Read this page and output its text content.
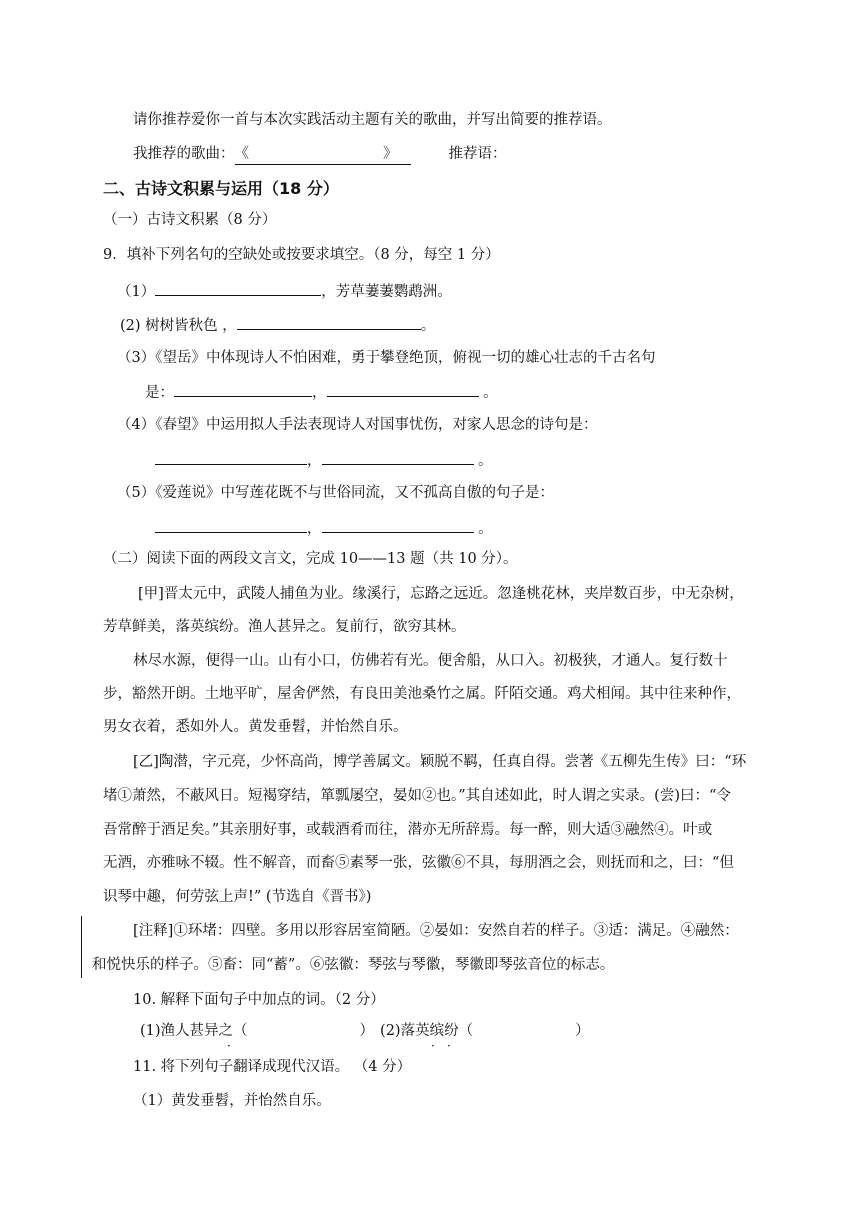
请你推荐爱你一首与本次实践活动主题有关的歌曲，并写出简要的推荐语。
我推荐的歌曲：《	》	推荐语：
二、古诗文积累与运用（18 分）
（一）古诗文积累（8 分）
9．填补下列名句的空缺处或按要求填空。（8 分，每空 1 分）
（1）	，芳草萋萋鹦鹉洲。
(2) 树树皆秋色 ，	。
（3）《望岳》中体现诗人不怕困难，勇于攀登绝顶，俯视一切的雄心壮志的千古名句
是：	，	。
（4）《春望》中运用拟人手法表现诗人对国事忧伤，对家人思念的诗句是：
，	。
（5）《爱莲说》中写莲花既不与世俗同流，又不孤高自傲的句子是：
，	。
（二）阅读下面的两段文言文，完成 10——13 题（共 10 分）。
[甲]晋太元中，武陵人捕鱼为业。缘溪行，忘路之远近。忽逢桃花林，夹岸数百步，中无杂树，
芳草鲜美，落英缤纷。渔人甚异之。复前行，欲穷其林。
林尽水源，便得一山。山有小口，仿佛若有光。便舍船，从口入。初极狭，才通人。复行数十
步，豁然开朗。土地平旷，屋舍俨然，有良田美池桑竹之属。阡陌交通。鸡犬相闻。其中往来种作，
男女衣着，悉如外人。黄发垂髫，并怡然自乐。
[乙]陶潜，字元亮，少怀高尚，博学善属文。颖脱不羁，任真自得。尝著《五柳先生传》曰：“环
堵①萧然，不蔽风日。短褐穿结，箪瓢屡空，晏如②也。”其自述如此，时人谓之实录。(尝)曰：“令
吾常醉于酒足矣。”其亲朋好事，或载酒肴而往，潜亦无所辞焉。每一醉，则大适③融然④。叶或
无酒，亦雅咏不辍。性不解音，而畜⑤素琴一张，弦徽⑥不具，每朋酒之会，则抚而和之，曰：“但
识琴中趣，何劳弦上声!” (节选自《晋书》)
[注释]①环堵：四壁。多用以形容居室简陋。②晏如：安然自若的样子。③适：满足。④融然：
和悦快乐的样子。⑤畜：同“蓄”。⑥弦徽：琴弦与琴徽，琴徽即琴弦音位的标志。
10. 解释下面句子中加点的词。（2 分）
(1)渔人甚异之（	） (2)落英缤纷（	）
·	· ·
11. 将下列句子翻译成现代汉语。 （4 分）
（1）黄发垂髫，并怡然自乐。
